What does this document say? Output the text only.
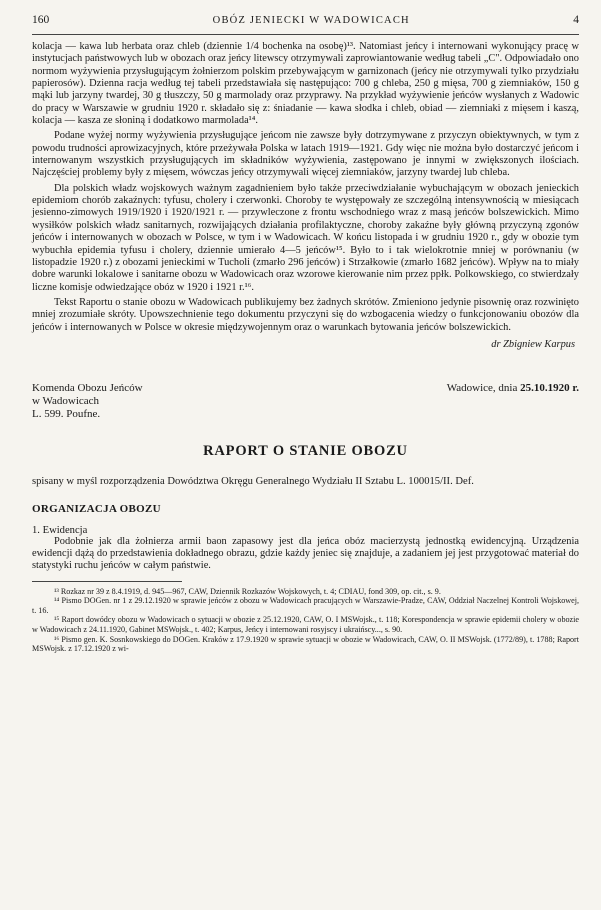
160	OBÓZ JENIECKI W WADOWICACH	4

kolacja — kawa lub herbata oraz chleb (dziennie 1/4 bochenka na osobę)¹³. Natomiast jeńcy i internowani wykonujący pracę w instytucjach państwowych lub w obozach oraz jeńcy litewscy otrzymywali zaprowiantowanie według tabeli „C". Odpowiadało ono normom wyżywienia przysługującym żołnierzom polskim przebywającym w garnizonach (jeńcy nie otrzymywali tylko przydziału papierosów). Dzienna racja według tej tabeli przedstawiała się następująco: 700 g chleba, 250 g mięsa, 700 g ziemniaków, 150 g mąki lub jarzyny twardej, 30 g tłuszczy, 50 g marmolady oraz przyprawy. Na przykład wyżywienie jeńców wysłanych z Wadowic do pracy w Warszawie w grudniu 1920 r. składało się z: śniadanie — kawa słodka i chleb, obiad — ziemniaki z mięsem i kaszą, kolacja — kasza ze słoniną i dodatkowo marmolada¹⁴.

Podane wyżej normy wyżywienia przysługujące jeńcom nie zawsze były dotrzymywane z przyczyn obiektywnych, w tym z powodu trudności aprowizacyjnych, które przeżywała Polska w latach 1919—1921. Gdy więc nie można było dostarczyć jeńcom i internowanym wszystkich przysługujących im składników wyżywienia, zastępowano je innymi w zwiększonych ilościach. Najczęściej problemy były z mięsem, wówczas jeńcy otrzymywali więcej ziemniaków, jarzyny twardej lub chleba.

Dla polskich władz wojskowych ważnym zagadnieniem było także przeciwdziałanie wybuchającym w obozach jenieckich epidemiom chorób zakaźnych: tyfusu, cholery i czerwonki. Choroby te występowały ze szczególną intensywnością w miesiącach jesienno-zimowych 1919/1920 i 1920/1921 r. — przywleczone z frontu wschodniego wraz z masą jeńców bolszewickich. Mimo wysiłków polskich władz sanitarnych, rozwijających działania profilaktyczne, choroby zakaźne były główną przyczyną zgonów jeńców i internowanych w obozach w Polsce, w tym i w Wadowicach. W końcu listopada i w grudniu 1920 r., gdy w obozie tym wybuchła epidemia tyfusu i cholery, dziennie umierało 4—5 jeńców¹⁵. Było to i tak wielokrotnie mniej w porównaniu (w listopadzie 1920 r.) z obozami jenieckimi w Tucholi (zmarło 296 jeńców) i Strzałkowie (zmarło 1682 jeńców). Wpływ na to miały dobre warunki lokalowe i sanitarne obozu w Wadowicach oraz wzorowe kierowanie nim przez ppłk. Polkowskiego, co stwierdzały liczne komisje odwiedzające obóz w 1920 i 1921 r.¹⁶.

Tekst Raportu o stanie obozu w Wadowicach publikujemy bez żadnych skrótów. Zmieniono jedynie pisownię oraz rozwinięto mniej zrozumiałe skróty. Upowszechnienie tego dokumentu przyczyni się do wzbogacenia wiedzy o funkcjonowaniu obozów dla jeńców i internowanych w Polsce w okresie międzywojennym oraz o warunkach bytowania jeńców bolszewickich.

dr Zbigniew Karpus
Komenda Obozu Jeńców
w Wadowicach
L. 599. Poufne.
Wadowice, dnia 25.10.1920 r.
RAPORT O STANIE OBOZU
spisany w myśl rozporządzenia Dowództwa Okręgu Generalnego Wydziału II Sztabu L. 100015/II. Def.
ORGANIZACJA OBOZU
1. Ewidencja

Podobnie jak dla żołnierza armii baon zapasowy jest dla jeńca obóz macierzystą jednostką ewidencyjną. Urządzenia ewidencji dążą do przedstawienia dokładnego obrazu, gdzie każdy jeniec się znajduje, a zadaniem jej jest przygotować materiał do statystyki ruchu jeńców w całym państwie.

¹³ Rozkaz nr 39 z 8.4.1919, d. 945—967, CAW, Dziennik Rozkazów Wojskowych, t. 4; CDIAU, fond 309, op. cit., s. 9.

¹⁴ Pismo DOGen. nr 1 z 29.12.1920 w sprawie jeńców z obozu w Wadowicach pracujących w Warszawie-Pradze, CAW, Oddział Naczelnej Kontroli Wojskowej, t. 16.

¹⁵ Raport dowódcy obozu w Wadowicach o sytuacji w obozie z 25.12.1920, CAW, O. I MSWojsk., t. 118; Korespondencja w sprawie epidemii cholery w obozie w Wadowicach z 24.11.1920, Gabinet MSWojsk., t. 402; Karpus, Jeńcy i internowani rosyjscy i ukraińscy..., s. 90.

¹⁶ Pismo gen. K. Sosnkowskiego do DOGen. Kraków z 17.9.1920 w sprawie sytuacji w obozie w Wadowicach, CAW, O. II MSWojsk. (1772/89), t. 1788; Raport MSWojsk. z 17.12.1920 z wi-
